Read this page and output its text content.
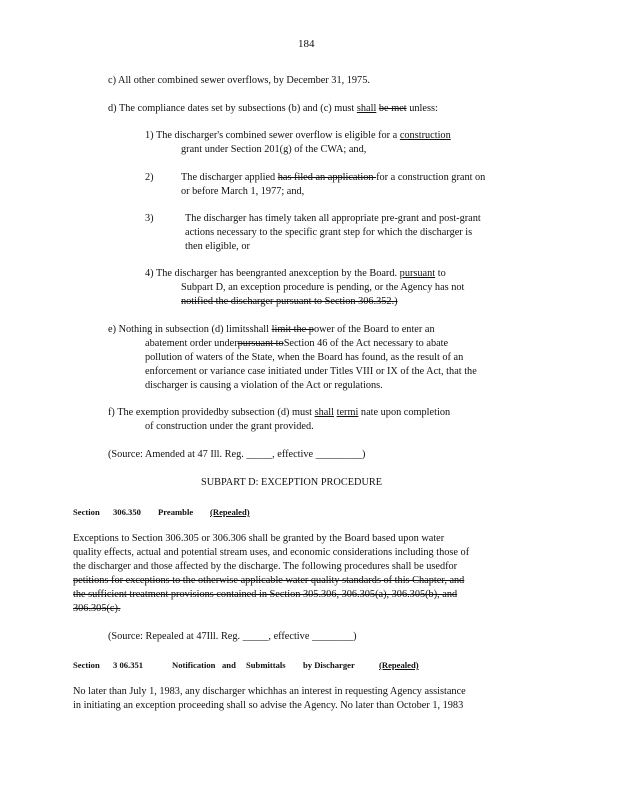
184
c) All other combined sewer overflows, by December 31, 1975.
d) The compliance dates set by subsections (b) and (c) must shall be met unless:
1) The discharger's combined sewer overflow is eligible for a construction
grant under Section 201(g) of the CWA; and,
2)	The discharger applied has filed an application for a construction grant on
or before March 1, 1977; and,
3)	The discharger has timely taken all appropriate pre-grant and post-grant
actions necessary to the specific grant step for which the discharger is
then eligible, or
4) The discharger has beengranted anexception by the Board. pursuant to
Subpart D, an exception procedure is pending, or the Agency has not
notified the discharger pursuant to Section 306.352.)
e) Nothing in subsection (d) limitsshall limit the power of the Board to enter an
abatement order underpursuant toSection 46 of the Act necessary to abate
pollution of waters of the State, when the Board has found, as the result of an
enforcement or variance case initiated under Titles VIII or IX of the Act, that the
discharger is causing a violation of the Act or regulations.
f) The exemption providedby subsection (d) must shall termi nate upon completion
of construction under the grant provided.
(Source: Amended at 47 Ill. Reg. _____, effective _________)
SUBPART D: EXCEPTION PROCEDURE
Section 306.350 Preamble (Repealed)
Exceptions to Section 306.305 or 306.306 shall be granted by the Board based upon water
quality effects, actual and potential stream uses, and economic considerations including those of
the discharger and those affected by the discharge. The following procedures shall be usedfor
petitions for exceptions to the otherwise applicable water quality standards of this Chapter, and
the sufficient treatment provisions contained in Section 305.306, 306.305(a), 306.305(b), and
306.305(c).
(Source: Repealed at 47Ill. Reg. _____, effective ________)
Section 3 06.351	Notification and Submittals by Discharger	(Repealed)
No later than July 1, 1983, any discharger whichhas an interest in requesting Agency assistance
in initiating an exception proceeding shall so advise the Agency. No later than October 1, 1983
